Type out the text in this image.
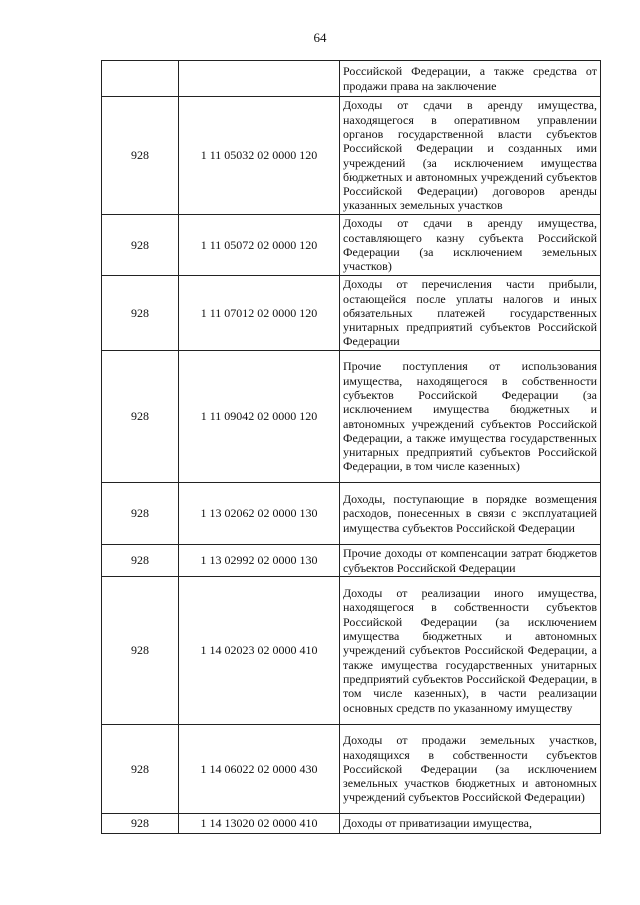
64
		Российской Федерации, а также средства от продажи права на заключение
928	1 11 05032 02 0000 120	Доходы от сдачи в аренду имущества, находящегося в оперативном управлении органов государственной власти субъектов Российской Федерации и созданных ими учреждений (за исключением имущества бюджетных и автономных учреждений субъектов Российской Федерации) договоров аренды указанных земельных участков
928	1 11 05072 02 0000 120	Доходы от сдачи в аренду имущества, составляющего казну субъекта Российской Федерации (за исключением земельных участков)
928	1 11 07012 02 0000 120	Доходы от перечисления части прибыли, остающейся после уплаты налогов и иных обязательных платежей государственных унитарных предприятий субъектов Российской Федерации
928	1 11 09042 02 0000 120	Прочие поступления от использования имущества, находящегося в собственности субъектов Российской Федерации (за исключением имущества бюджетных и автономных учреждений субъектов Российской Федерации, а также имущества государственных унитарных предприятий субъектов Российской Федерации, в том числе казенных)
928	1 13 02062 02 0000 130	Доходы, поступающие в порядке возмещения расходов, понесенных в связи с эксплуатацией имущества субъектов Российской Федерации
928	1 13 02992 02 0000 130	Прочие доходы от компенсации затрат бюджетов субъектов Российской Федерации
928	1 14 02023 02 0000 410	Доходы от реализации иного имущества, находящегося в собственности субъектов Российской Федерации (за исключением имущества бюджетных и автономных учреждений субъектов Российской Федерации, а также имущества государственных унитарных предприятий субъектов Российской Федерации, в том числе казенных), в части реализации основных средств по указанному имуществу
928	1 14 06022 02 0000 430	Доходы от продажи земельных участков, находящихся в собственности субъектов Российской Федерации (за исключением земельных участков бюджетных и автономных учреждений субъектов Российской Федерации)
928	1 14 13020 02 0000 410	Доходы от приватизации имущества,
